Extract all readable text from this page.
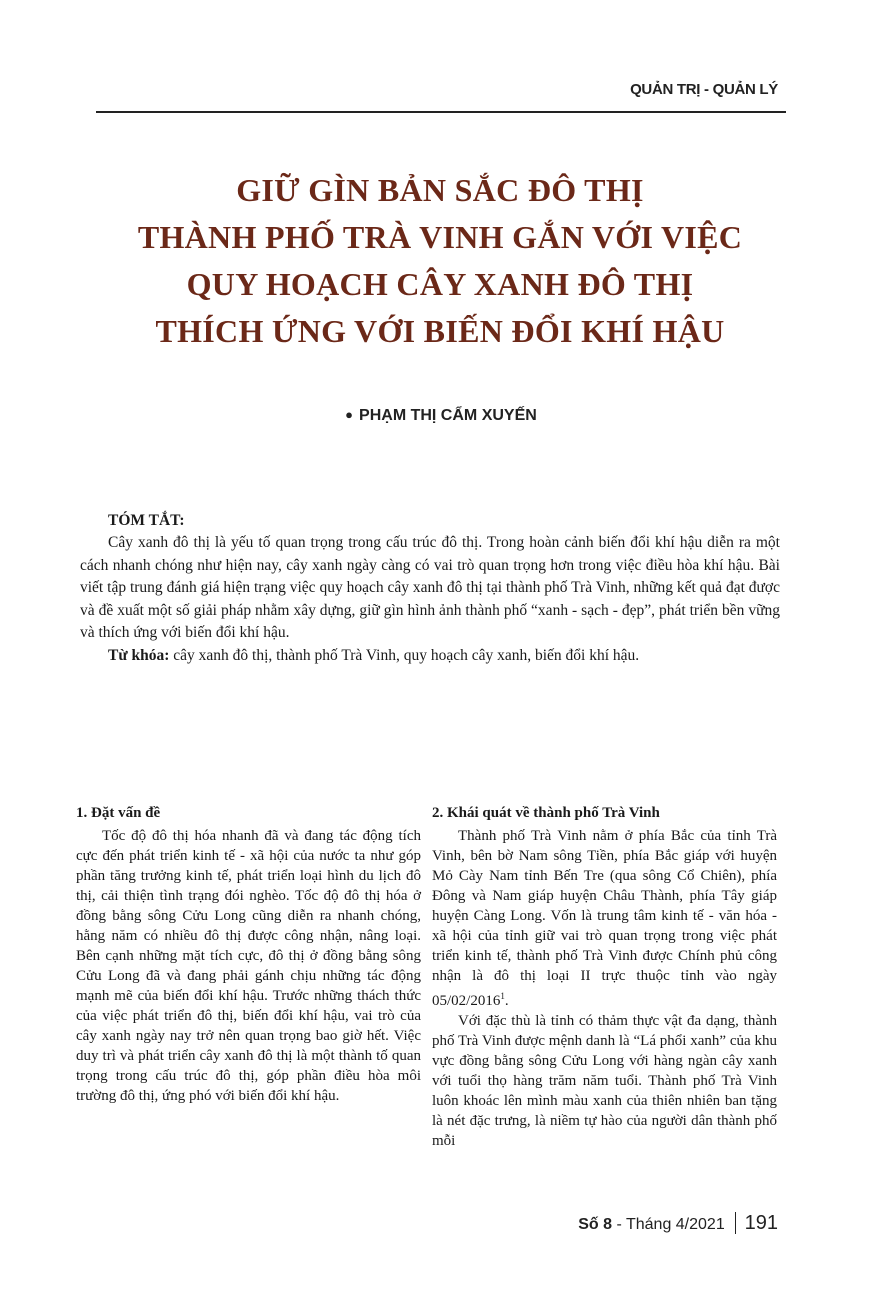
QUẢN TRỊ - QUẢN LÝ
GIỮ GÌN BẢN SẮC ĐÔ THỊ
THÀNH PHỐ TRÀ VINH GẮN VỚI VIỆC
QUY HOẠCH CÂY XANH ĐÔ THỊ
THÍCH ỨNG VỚI BIẾN ĐỔI KHÍ HẬU
● PHẠM THỊ CẨM XUYẾN

TÓM TẮT:

Cây xanh đô thị là yếu tố quan trọng trong cấu trúc đô thị. Trong hoàn cảnh biến đổi khí hậu diễn ra một cách nhanh chóng như hiện nay, cây xanh ngày càng có vai trò quan trọng hơn trong việc điều hòa khí hậu. Bài viết tập trung đánh giá hiện trạng việc quy hoạch cây xanh đô thị tại thành phố Trà Vinh, những kết quả đạt được và đề xuất một số giải pháp nhằm xây dựng, giữ gìn hình ảnh thành phố “xanh - sạch - đẹp”, phát triển bền vững và thích ứng với biến đổi khí hậu.

Từ khóa: cây xanh đô thị, thành phố Trà Vinh, quy hoạch cây xanh, biến đổi khí hậu.

1. Đặt vấn đề

Tốc độ đô thị hóa nhanh đã và đang tác động tích cực đến phát triển kinh tế - xã hội của nước ta như góp phần tăng trưởng kinh tế, phát triển loại hình du lịch đô thị, cải thiện tình trạng đói nghèo. Tốc độ đô thị hóa ở đồng bằng sông Cửu Long cũng diễn ra nhanh chóng, hằng năm có nhiều đô thị được công nhận, nâng loại. Bên cạnh những mặt tích cực, đô thị ở đồng bằng sông Cửu Long đã và đang phải gánh chịu những tác động mạnh mẽ của biến đổi khí hậu. Trước những thách thức của việc phát triển đô thị, biến đổi khí hậu, vai trò của cây xanh ngày nay trở nên quan trọng bao giờ hết. Việc duy trì và phát triển cây xanh đô thị là một thành tố quan trọng trong cấu trúc đô thị, góp phần điều hòa môi trường đô thị, ứng phó với biến đổi khí hậu.

2. Khái quát về thành phố Trà Vinh

Thành phố Trà Vinh nằm ở phía Bắc của tỉnh Trà Vinh, bên bờ Nam sông Tiền, phía Bắc giáp với huyện Mỏ Cày Nam tỉnh Bến Tre (qua sông Cổ Chiên), phía Đông và Nam giáp huyện Châu Thành, phía Tây giáp huyện Càng Long. Vốn là trung tâm kinh tế - văn hóa - xã hội của tỉnh giữ vai trò quan trọng trong việc phát triển kinh tế, thành phố Trà Vinh được Chính phủ công nhận là đô thị loại II trực thuộc tỉnh vào ngày 05/02/2016$^1$.

Với đặc thù là tỉnh có thảm thực vật đa dạng, thành phố Trà Vinh được mệnh danh là “Lá phổi xanh” của khu vực đồng bằng sông Cửu Long với hàng ngàn cây xanh với tuổi thọ hàng trăm năm tuổi. Thành phố Trà Vinh luôn khoác lên mình màu xanh của thiên nhiên ban tặng là nét đặc trưng, là niềm tự hào của người dân thành phố mỗi

Số 8 - Tháng 4/2021 191
